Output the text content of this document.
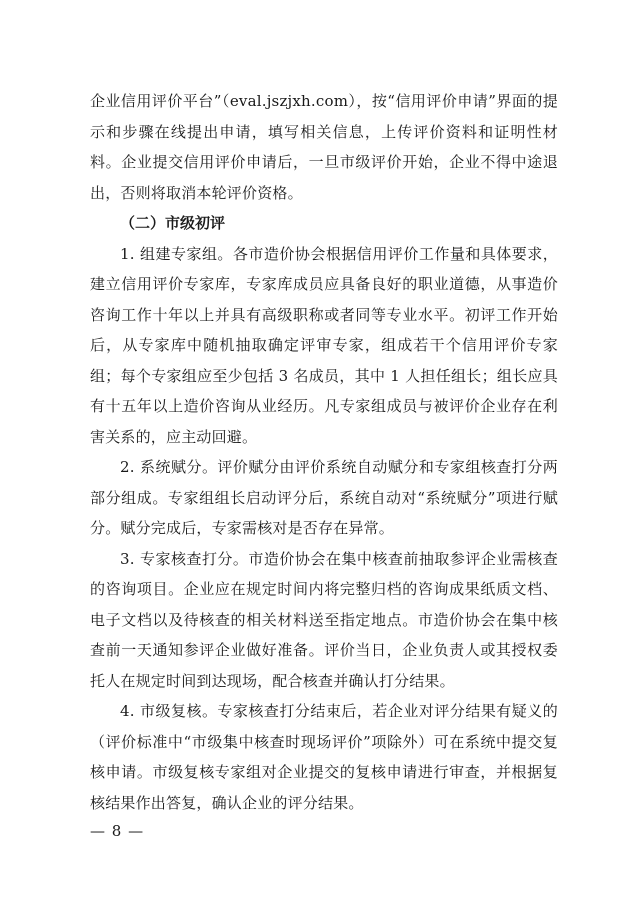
企业信用评价平台”（eval.jszjxh.com），按“信用评价申请”界面的提示和步骤在线提出申请，填写相关信息，上传评价资料和证明性材料。企业提交信用评价申请后，一旦市级评价开始，企业不得中途退出，否则将取消本轮评价资格。

（二）市级初评

1. 组建专家组。各市造价协会根据信用评价工作量和具体要求，建立信用评价专家库，专家库成员应具备良好的职业道德，从事造价咨询工作十年以上并具有高级职称或者同等专业水平。初评工作开始后，从专家库中随机抽取确定评审专家，组成若干个信用评价专家组；每个专家组应至少包括 3 名成员，其中 1 人担任组长；组长应具有十五年以上造价咨询从业经历。凡专家组成员与被评价企业存在利害关系的，应主动回避。

2. 系统赋分。评价赋分由评价系统自动赋分和专家组核查打分两部分组成。专家组组长启动评分后，系统自动对“系统赋分”项进行赋分。赋分完成后，专家需核对是否存在异常。

3. 专家核查打分。市造价协会在集中核查前抽取参评企业需核查的咨询项目。企业应在规定时间内将完整归档的咨询成果纸质文档、电子文档以及待核查的相关材料送至指定地点。市造价协会在集中核查前一天通知参评企业做好准备。评价当日，企业负责人或其授权委托人在规定时间到达现场，配合核查并确认打分结果。

4. 市级复核。专家核查打分结束后，若企业对评分结果有疑义的（评价标准中“市级集中核查时现场评价”项除外）可在系统中提交复核申请。市级复核专家组对企业提交的复核申请进行审查，并根据复核结果作出答复，确认企业的评分结果。

— 8 —
